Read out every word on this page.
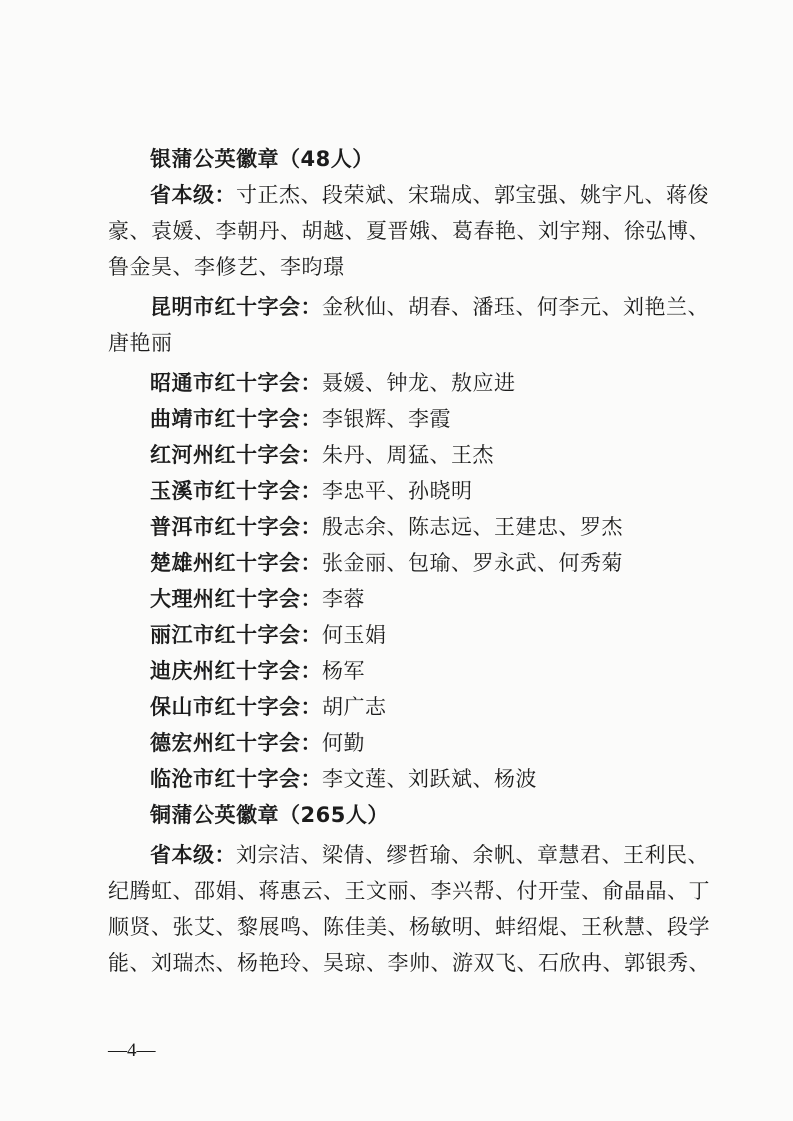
银蒲公英徽章（48人）
省本级：寸正杰、段荣斌、宋瑞成、郭宝强、姚宇凡、蒋俊
豪、袁媛、李朝丹、胡越、夏晋娥、葛春艳、刘宇翔、徐弘博、
鲁金昊、李修艺、李昀璟
昆明市红十字会：金秋仙、胡春、潘珏、何李元、刘艳兰、
唐艳丽
昭通市红十字会：聂媛、钟龙、敖应进
曲靖市红十字会：李银辉、李霞
红河州红十字会：朱丹、周猛、王杰
玉溪市红十字会：李忠平、孙晓明
普洱市红十字会：殷志余、陈志远、王建忠、罗杰
楚雄州红十字会：张金丽、包瑜、罗永武、何秀菊
大理州红十字会：李蓉
丽江市红十字会：何玉娟
迪庆州红十字会：杨军
保山市红十字会：胡广志
德宏州红十字会：何勤
临沧市红十字会：李文莲、刘跃斌、杨波
铜蒲公英徽章（265人）
省本级：刘宗洁、梁倩、缪哲瑜、余帆、章慧君、王利民、
纪腾虹、邵娟、蒋惠云、王文丽、李兴帮、付开莹、俞晶晶、丁
顺贤、张艾、黎展鸣、陈佳美、杨敏明、蚌绍焜、王秋慧、段学
能、刘瑞杰、杨艳玲、吴琼、李帅、游双飞、石欣冉、郭银秀、
—4—
